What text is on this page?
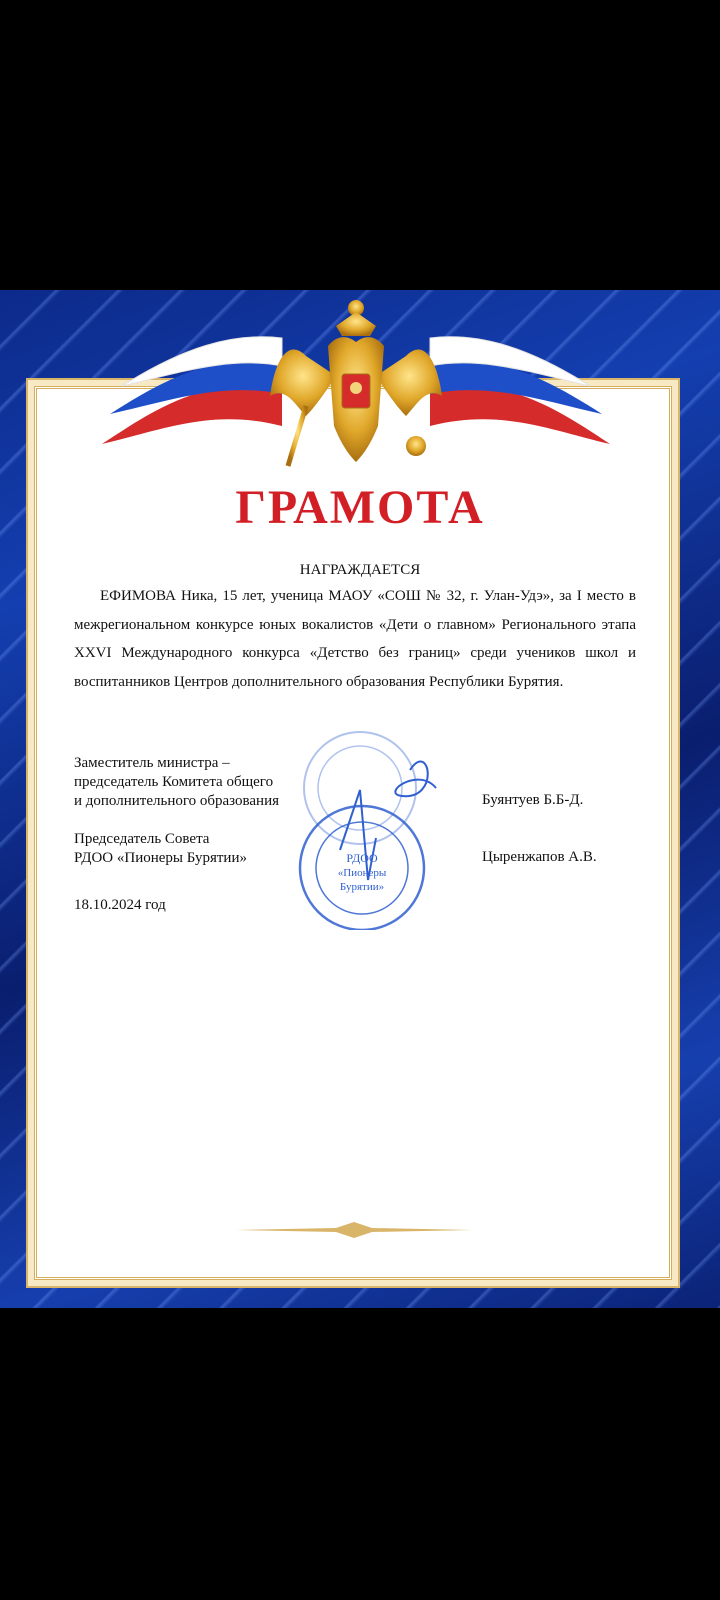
ГРАМОТА
НАГРАЖДАЕТСЯ

ЕФИМОВА Ника, 15 лет, ученица МАОУ «СОШ № 32, г. Улан-Удэ», за I место в межрегиональном конкурсе юных вокалистов «Дети о главном» Регионального этапа XXVI Международного конкурса «Детство без границ» среди учеников школ и воспитанников Центров дополнительного образования Республики Бурятия.

Заместитель министра –
председатель Комитета общего
и дополнительного образования	Буянтуев Б.Б-Д.
Председатель Совета
РДОО «Пионеры Бурятии»	Цыренжапов А.В.
18.10.2024 год
РДОО
«Пионеры
Бурятии»
